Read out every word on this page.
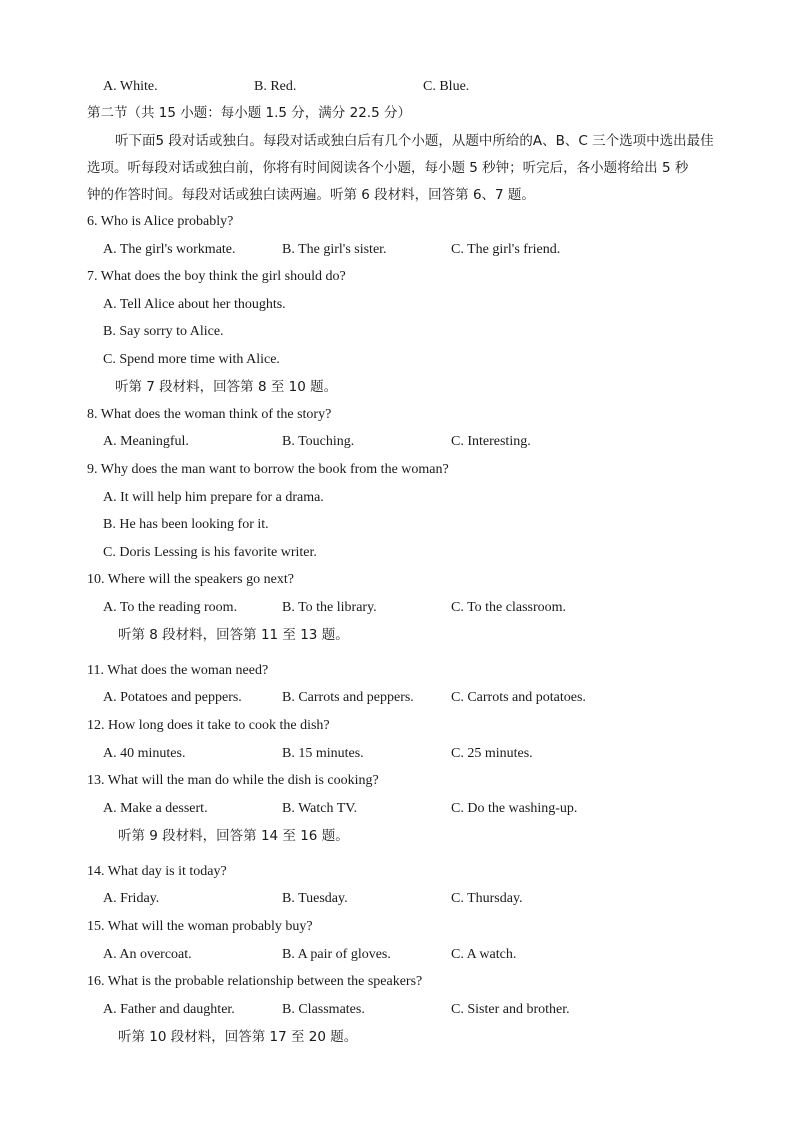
A. White.	B. Red.	C. Blue.
第二节（共 15 小题：每小题 1.5 分，满分 22.5 分）
听下面5 段对话或独白。每段对话或独白后有几个小题，从题中所给的A、B、C 三个选项中选出最佳
选项。听每段对话或独白前，你将有时间阅读各个小题，每小题 5 秒钟；听完后，各小题将给出 5 秒
钟的作答时间。每段对话或独白读两遍。听第 6 段材料，回答第 6、7 题。
6. Who is Alice probably?
A. The girl's workmate.	B. The girl's sister.	C. The girl's friend.
7. What does the boy think the girl should do?
A. Tell Alice about her thoughts.
B. Say sorry to Alice.
C. Spend more time with Alice.
听第 7 段材料，回答第 8 至 10 题。
8. What does the woman think of the story?
A. Meaningful.	B. Touching.	C. Interesting.
9. Why does the man want to borrow the book from the woman?
A. It will help him prepare for a drama.
B. He has been looking for it.
C. Doris Lessing is his favorite writer.
10. Where will the speakers go next?
A. To the reading room.	B. To the library.	C. To the classroom.
听第 8 段材料，回答第 11 至 13 题。
11. What does the woman need?
A. Potatoes and peppers.	B. Carrots and peppers.	C. Carrots and potatoes.
12. How long does it take to cook the dish?
A. 40 minutes.	B. 15 minutes.	C. 25 minutes.
13. What will the man do while the dish is cooking?
A. Make a dessert.	B. Watch TV.	C. Do the washing-up.
听第 9 段材料，回答第 14 至 16 题。
14. What day is it today?
A. Friday.	B. Tuesday.	C. Thursday.
15. What will the woman probably buy?
A. An overcoat.	B. A pair of gloves.	C. A watch.
16. What is the probable relationship between the speakers?
A. Father and daughter.	B. Classmates.	C. Sister and brother.
听第 10 段材料，回答第 17 至 20 题。
